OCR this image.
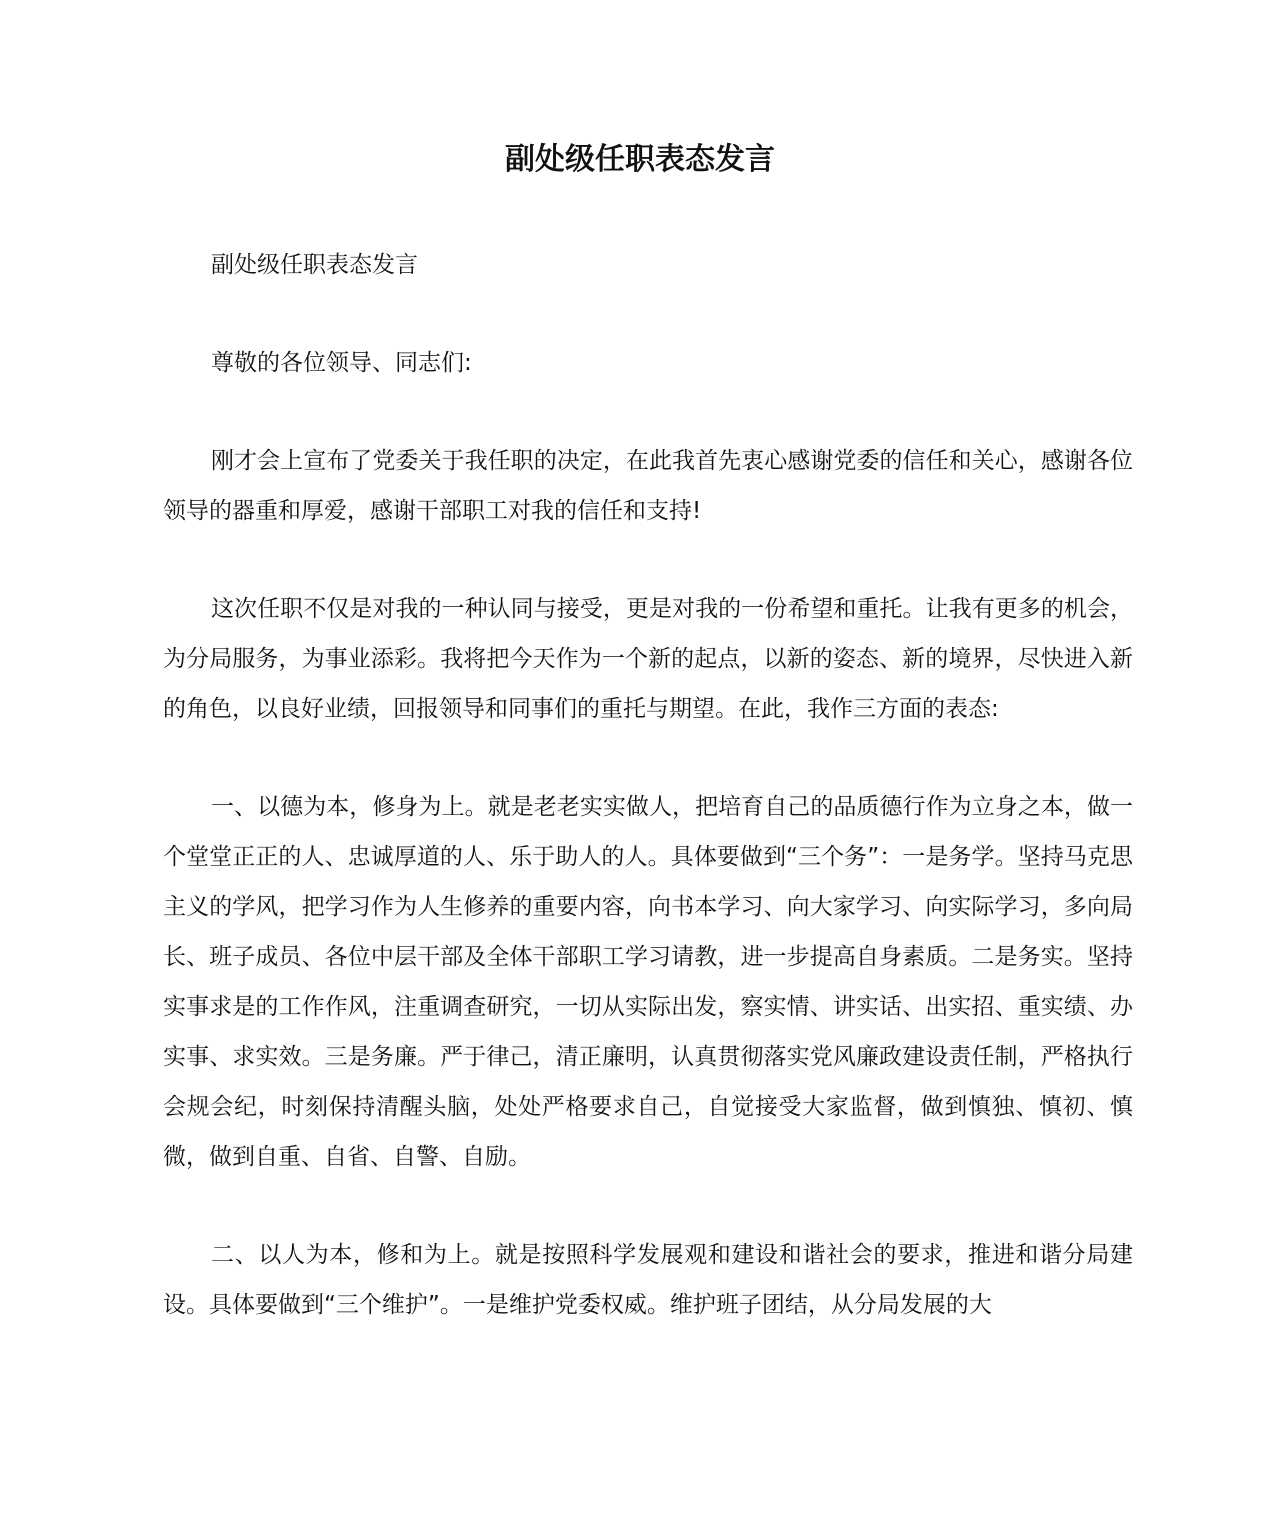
副处级任职表态发言

副处级任职表态发言

尊敬的各位领导、同志们:

刚才会上宣布了党委关于我任职的决定，在此我首先衷心感谢党委的信任和关心，感谢各位领导的器重和厚爱，感谢干部职工对我的信任和支持!

这次任职不仅是对我的一种认同与接受，更是对我的一份希望和重托。让我有更多的机会，为分局服务，为事业添彩。我将把今天作为一个新的起点，以新的姿态、新的境界，尽快进入新的角色，以良好业绩，回报领导和同事们的重托与期望。在此，我作三方面的表态:

一、以德为本，修身为上。就是老老实实做人，把培育自己的品质德行作为立身之本，做一个堂堂正正的人、忠诚厚道的人、乐于助人的人。具体要做到“三个务”：一是务学。坚持马克思主义的学风，把学习作为人生修养的重要内容，向书本学习、向大家学习、向实际学习，多向局长、班子成员、各位中层干部及全体干部职工学习请教，进一步提高自身素质。二是务实。坚持实事求是的工作作风，注重调查研究，一切从实际出发，察实情、讲实话、出实招、重实绩、办实事、求实效。三是务廉。严于律己，清正廉明，认真贯彻落实党风廉政建设责任制，严格执行会规会纪，时刻保持清醒头脑，处处严格要求自己，自觉接受大家监督，做到慎独、慎初、慎微，做到自重、自省、自警、自励。

二、以人为本，修和为上。就是按照科学发展观和建设和谐社会的要求，推进和谐分局建设。具体要做到“三个维护”。一是维护党委权威。维护班子团结，从分局发展的大
